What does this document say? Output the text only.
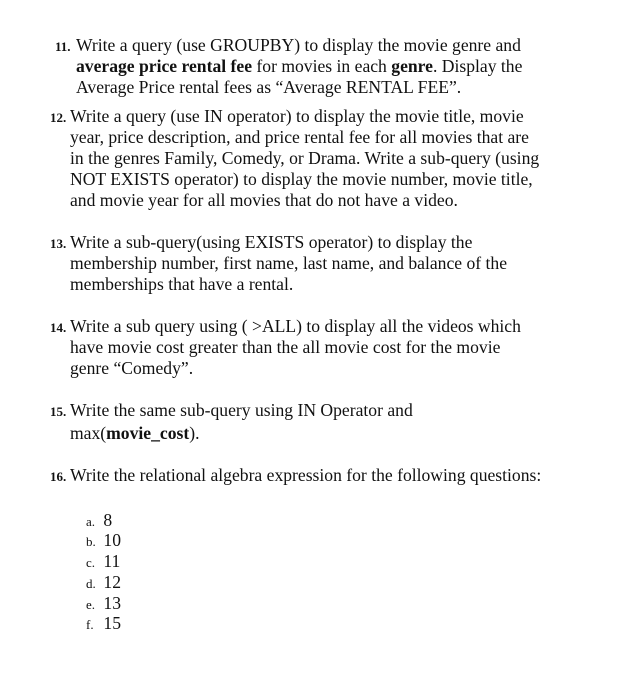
11. Write a query (use GROUPBY) to display the movie genre and
average price rental fee for movies in each genre. Display the
Average Price rental fees as “Average RENTAL FEE”.
12. Write a query (use IN operator) to display the movie title, movie
year, price description, and price rental fee for all movies that are
in the genres Family, Comedy, or Drama. Write a sub-query (using
NOT EXISTS operator) to display the movie number, movie title,
and movie year for all movies that do not have a video.
13. Write a sub-query(using EXISTS operator) to display the
membership number, first name, last name, and balance of the
memberships that have a rental.
14. Write a sub query using ( >ALL) to display all the videos which
have movie cost greater than the all movie cost for the movie
genre “Comedy”.
15. Write the same sub-query using IN Operator and
max(movie_cost).
16. Write the relational algebra expression for the following questions:
a. 8
b. 10
c. 11
d. 12
e. 13
f. 15
